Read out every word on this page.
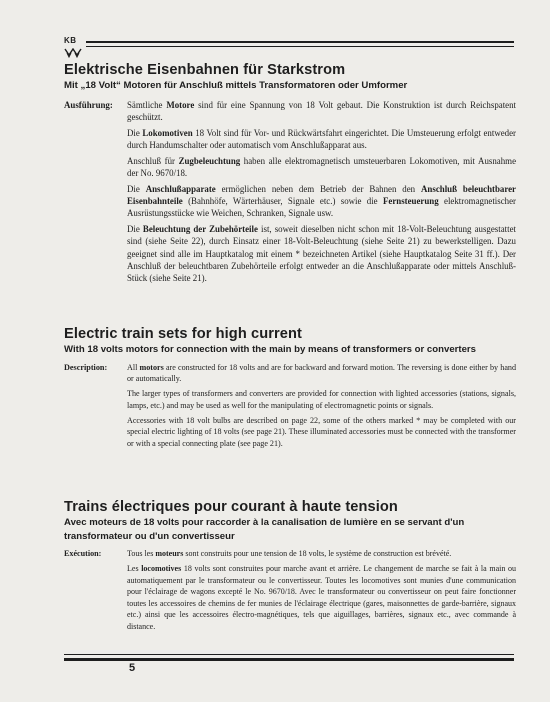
KB
Elektrische Eisenbahnen für Starkstrom
Mit „18 Volt“ Motoren für Anschluß mittels Transformatoren oder Umformer
Ausführung:	Sämtliche Motore sind für eine Spannung von 18 Volt gebaut. Die Konstruktion ist durch Reichspatent geschützt.

Die Lokomotiven 18 Volt sind für Vor- und Rückwärtsfahrt eingerichtet. Die Umsteuerung erfolgt entweder durch Handumschalter oder automatisch vom Anschlußapparat aus.

Anschluß für Zugbeleuchtung haben alle elektromagnetisch umsteuerbaren Lokomotiven, mit Ausnahme der No. 9670/18.

Die Anschlußapparate ermöglichen neben dem Betrieb der Bahnen den Anschluß beleuchtbarer Eisenbahnteile (Bahnhöfe, Wärterhäuser, Signale etc.) sowie die Fernsteuerung elektromagnetischer Ausrüstungsstücke wie Weichen, Schranken, Signale usw.

Die Beleuchtung der Zubehörteile ist, soweit dieselben nicht schon mit 18-Volt-Beleuchtung ausgestattet sind (siehe Seite 22), durch Einsatz einer 18-Volt-Beleuchtung (siehe Seite 21) zu bewerkstelligen. Dazu geeignet sind alle im Hauptkatalog mit einem * bezeichneten Artikel (siehe Hauptkatalog Seite 31 ff.). Der Anschluß der beleuchtbaren Zubehörteile erfolgt entweder an die Anschlußapparate oder mittels Anschluß-Stück (siehe Seite 21).

Electric train sets for high current
With 18 volts motors for connection with the main by means of transformers or converters
Description:	All motors are constructed for 18 volts and are for backward and forward motion. The reversing is done either by hand or automatically.

The larger types of transformers and converters are provided for connection with lighted accessories (stations, signals, lamps, etc.) and may be used as well for the manipulating of electromagnetic points or signals.

Accessories with 18 volt bulbs are described on page 22, some of the others marked * may be completed with our special electric lighting of 18 volts (see page 21). These illuminated accessories must be connected with the transformer or with a special connecting plate (see page 21).

Trains électriques pour courant à haute tension
Avec moteurs de 18 volts pour raccorder à la canalisation de lumière en se servant d'un transformateur ou d'un convertisseur
Exécution:	Tous les moteurs sont construits pour une tension de 18 volts, le système de construction est brévété.

Les locomotives 18 volts sont construites pour marche avant et arrière. Le changement de marche se fait à la main ou automatiquement par le transformateur ou le convertisseur. Toutes les locomotives sont munies d'une communication pour l'éclairage de wagons excepté le No. 9670/18. Avec le transformateur ou convertisseur on peut faire fonctionner toutes les accessoires de chemins de fer munies de l'éclairage électrique (gares, maisonnettes de garde-barrière, signaux etc.) ainsi que les accessoires électro-magnétiques, tels que aiguillages, barrières, signaux etc., avec commande à distance.

5
